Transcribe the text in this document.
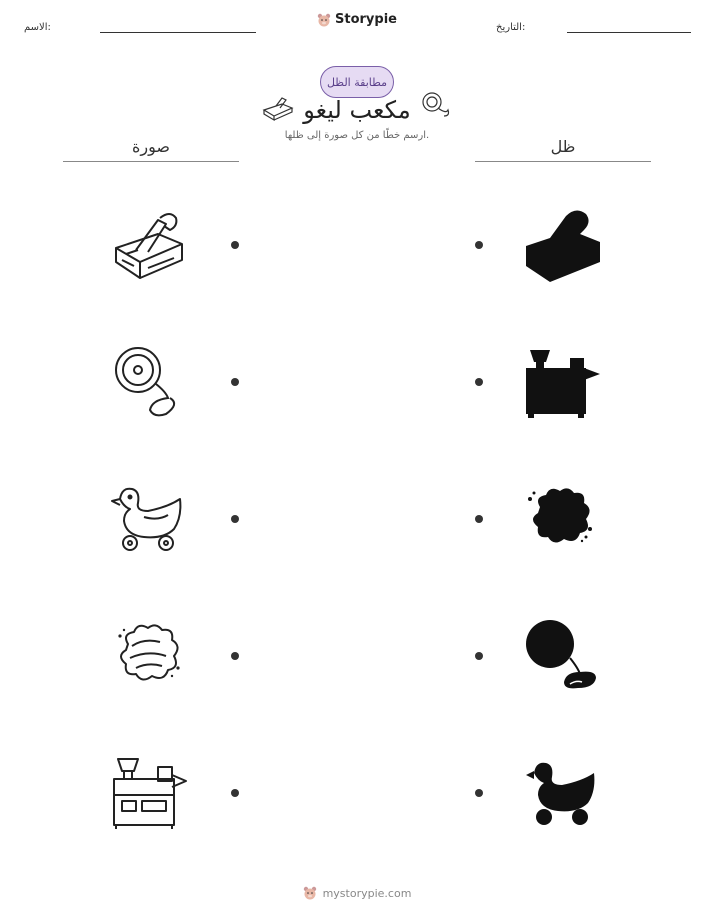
الاسم:	التاريخ:
Storypie
مطابقة الظل
مكعب ليغو
ارسم خطًا من كل صورة إلى ظلها.
صورة	ظل
mystorypie.com
